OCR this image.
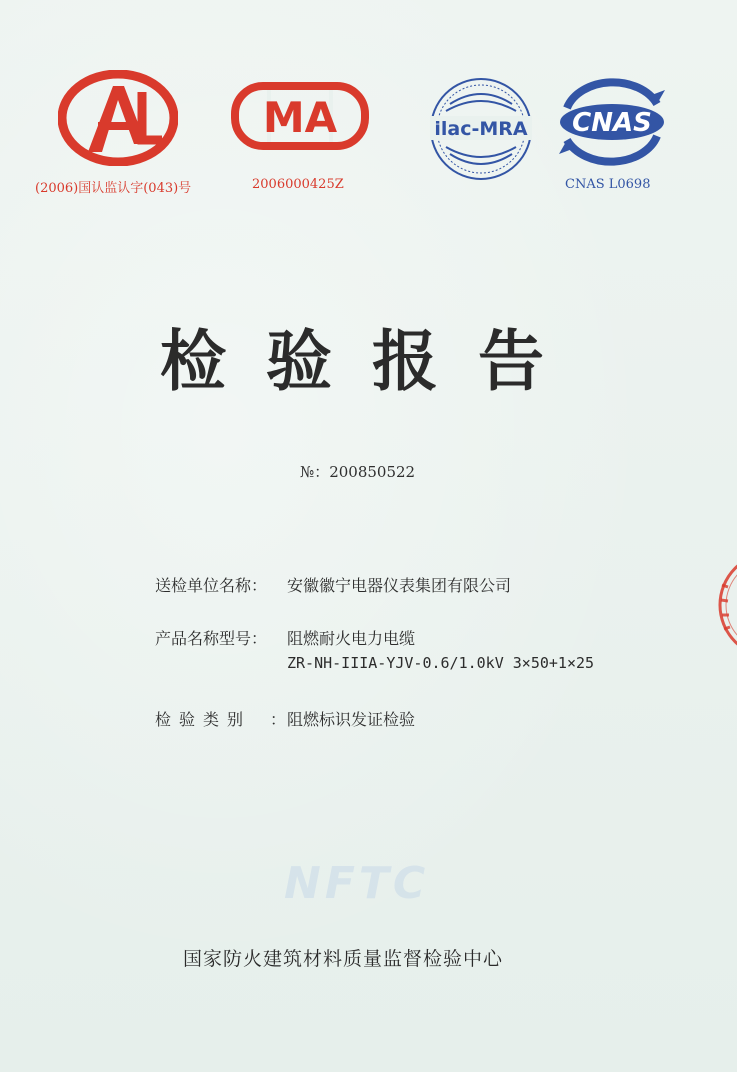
(2006)国认监认字(043)号
MA
2006000425Z
ilac-MRA CNAS
CNAS L0698
检验报告
№：200850522
送检单位名称： 安徽徽宁电器仪表集团有限公司
产品名称型号： 阻燃耐火电力电缆
ZR-NH-IIIA-YJV-0.6/1.0kV 3×50+1×25
检验类别 ： 阻燃标识发证检验
NFTC
国家防火建筑材料质量监督检验中心
